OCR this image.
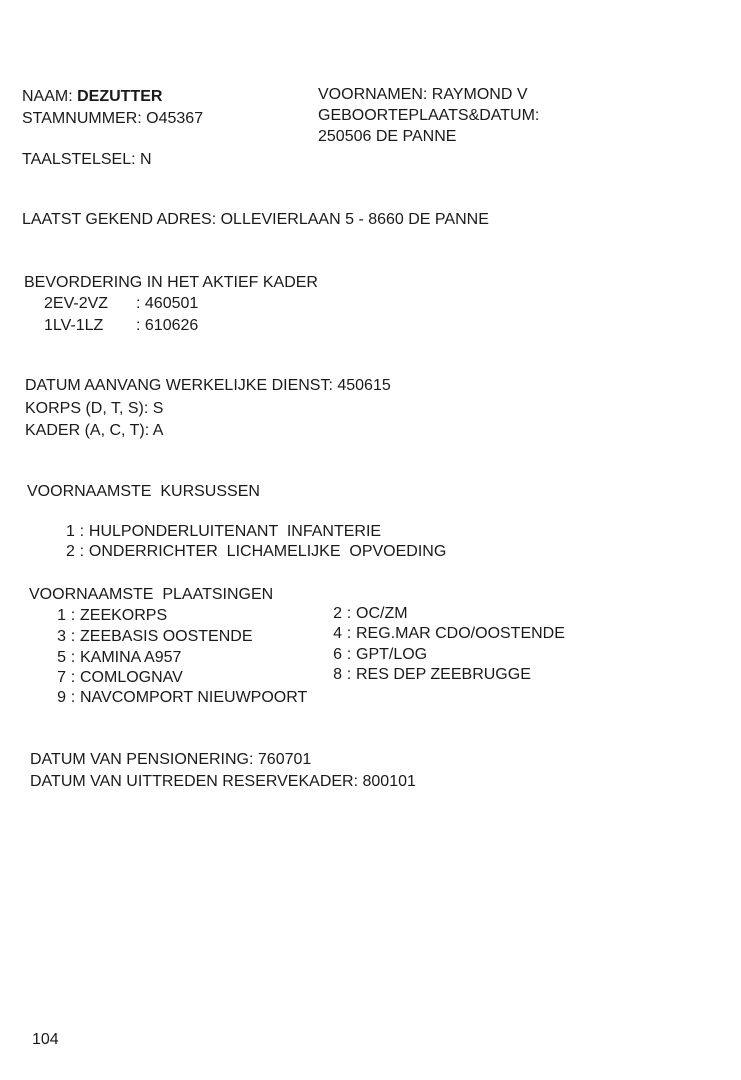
NAAM: DEZUTTER
STAMNUMMER: O45367
VOORNAMEN: RAYMOND V
GEBOORTEPLAATS&DATUM:
250506 DE PANNE
TAALSTELSEL: N
LAATST GEKEND ADRES: OLLEVIERLAAN 5 - 8660 DE PANNE
BEVORDERING IN HET AKTIEF KADER
2EV-2VZ : 460501
1LV-1LZ : 610626
DATUM AANVANG WERKELIJKE DIENST: 450615
KORPS (D, T, S): S
KADER (A, C, T): A
VOORNAAMSTE  KURSUSSEN

1 : HULPONDERLUITENANT  INFANTERIE

2 : ONDERRICHTER  LICHAMELIJKE  OPVOEDING

VOORNAAMSTE  PLAATSINGEN
1 : ZEEKORPS	2 : OC/ZM
3 : ZEEBASIS OOSTENDE	4 : REG.MAR CDO/OOSTENDE
5 : KAMINA A957	6 : GPT/LOG
7 : COMLOGNAV	8 : RES DEP ZEEBRUGGE
9 : NAVCOMPORT NIEUWPOORT
DATUM VAN PENSIONERING: 760701
DATUM VAN UITTREDEN RESERVEKADER: 800101
104
